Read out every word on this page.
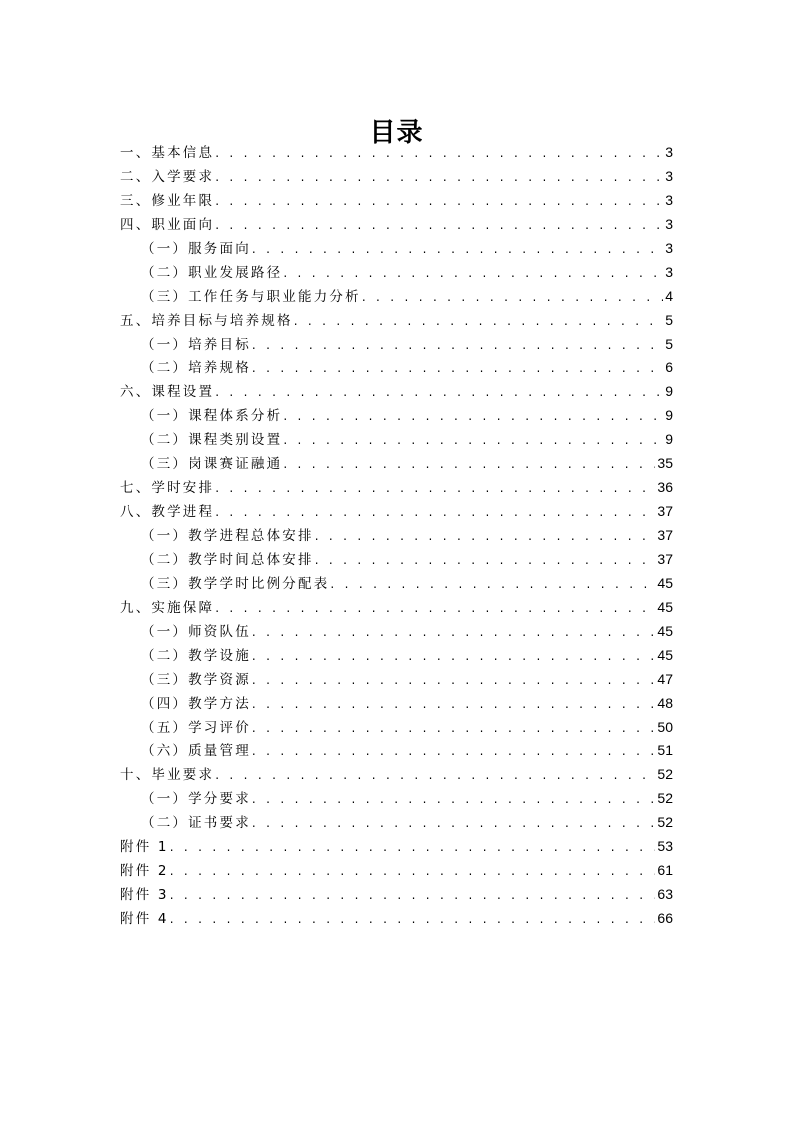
目录
一、基本信息 . . .	3
二、入学要求 . . .	3
三、修业年限 . . .	3
四、职业面向 . . .	3
（一）服务面向 . . .	3
（二）职业发展路径 . . .	3
（三）工作任务与职业能力分析 . . .	4
五、培养目标与培养规格 . . .	5
（一）培养目标 . . .	5
（二）培养规格 . . .	6
六、课程设置 . . .	9
（一）课程体系分析 . . .	9
（二）课程类别设置 . . .	9
（三）岗课赛证融通 . . .	35
七、学时安排 . . .	36
八、教学进程 . . .	37
（一）教学进程总体安排 . . .	37
（二）教学时间总体安排 . . .	37
（三）教学学时比例分配表 . . .	45
九、实施保障 . . .	45
（一）师资队伍 . . .	45
（二）教学设施 . . .	45
（三）教学资源 . . .	47
（四）教学方法 . . .	48
（五）学习评价 . . .	50
（六）质量管理 . . .	51
十、毕业要求 . . .	52
（一）学分要求 . . .	52
（二）证书要求 . . .	52
附件 1 . . .	53
附件 2 . . .	61
附件 3 . . .	63
附件 4 . . .	66
